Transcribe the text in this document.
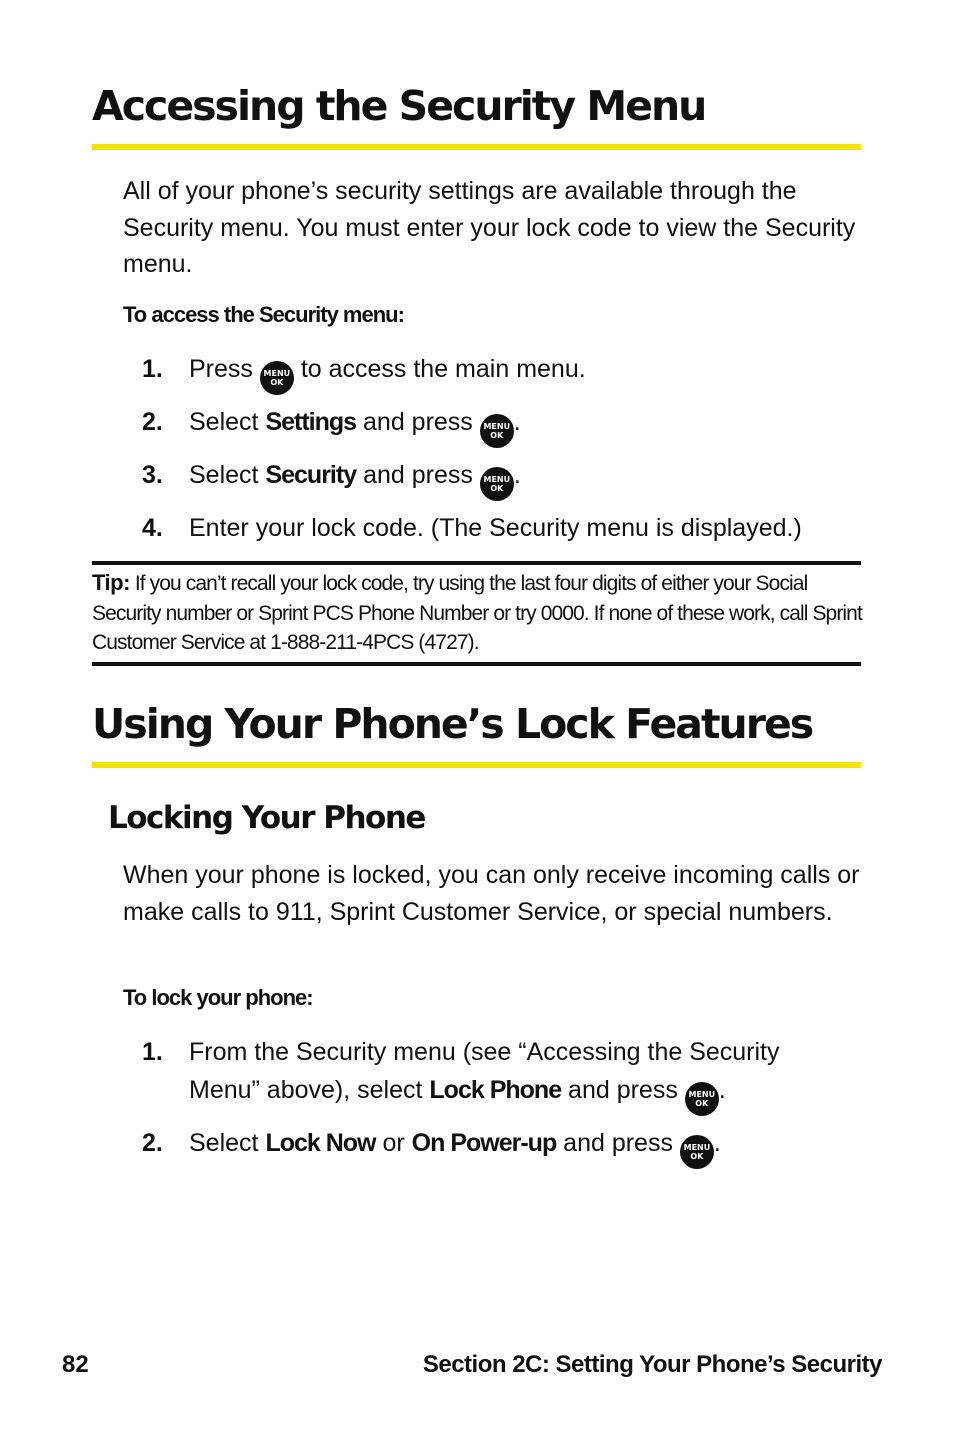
Accessing the Security Menu

All of your phone’s security settings are available through the Security menu. You must enter your lock code to view the Security menu.

To access the Security menu:

1. Press	MENU
OK to access the main menu.
2. Select Settings and press	MENU
OK .
3. Select Security and press	MENU
OK .
4. Enter your lock code. (The Security menu is displayed.)

Tip: If you can’t recall your lock code, try using the last four digits of either your Social Security number or Sprint PCS Phone Number or try 0000. If none of these work, call Sprint Customer Service at 1-888-211-4PCS (4727).

Using Your Phone’s Lock Features
Locking Your Phone

When your phone is locked, you can only receive incoming calls or make calls to 911, Sprint Customer Service, or special numbers.

To lock your phone:

1. From the Security menu (see “Accessing the Security
Menu” above), select Lock Phone and press	MENU
OK .
2. Select Lock Now or On Power-up and press	MENU
OK .
82	Section 2C: Setting Your Phone’s Security
